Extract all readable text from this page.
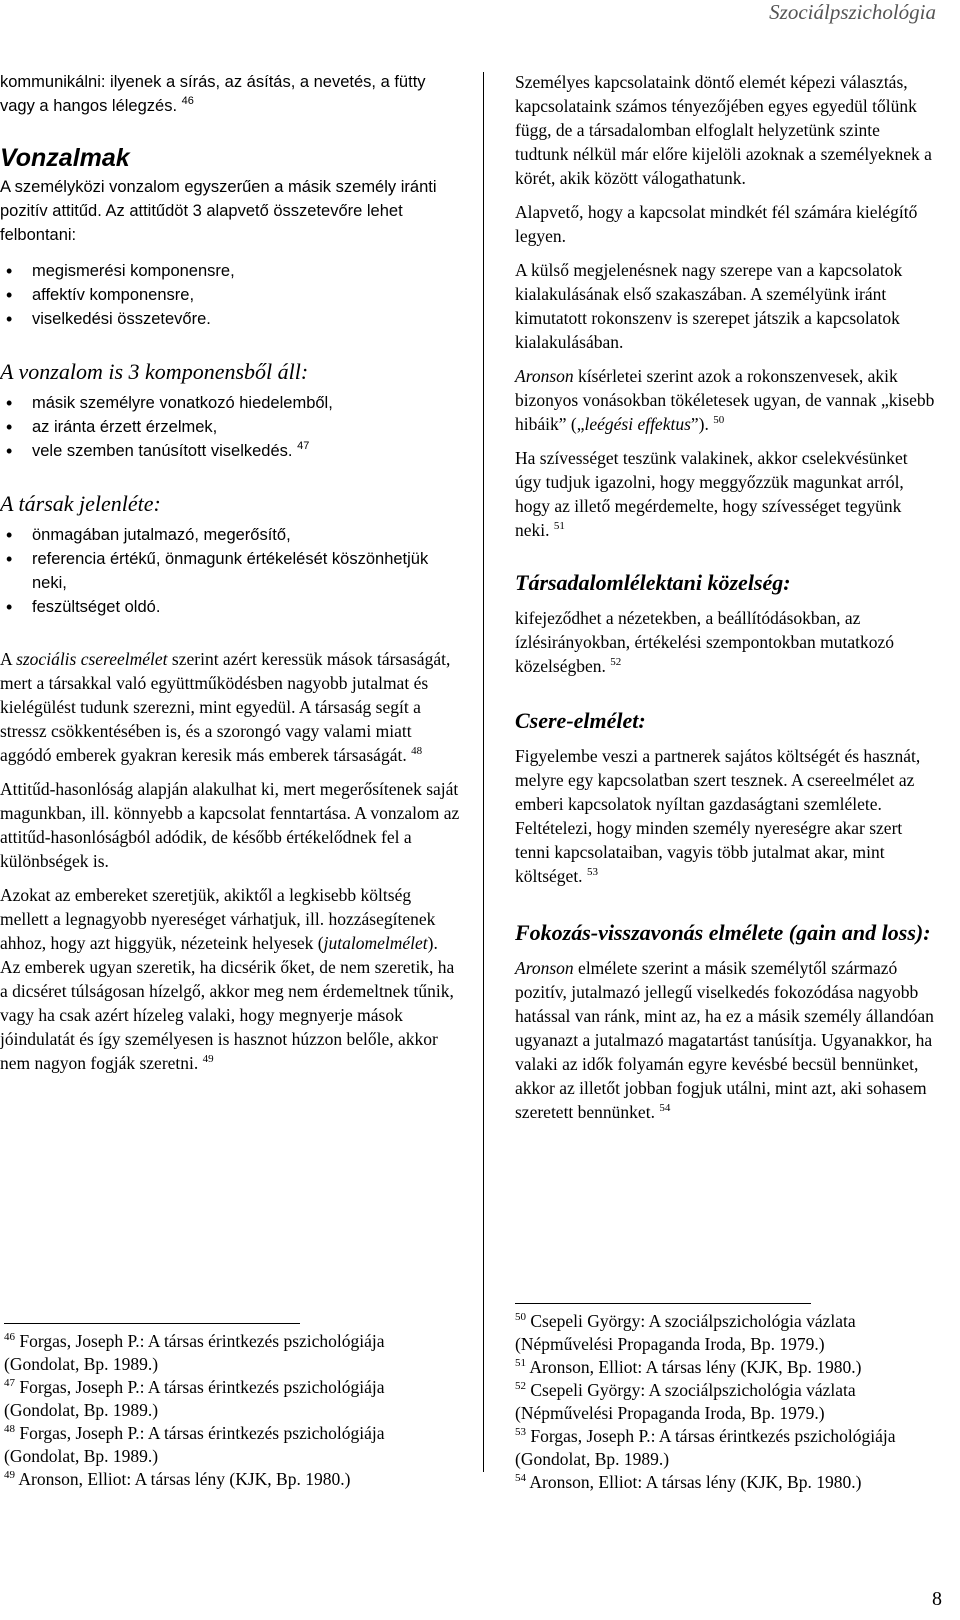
Szociálpszichológia

kommunikálni: ilyenek a sírás, az ásítás, a nevetés, a fütty vagy a hangos lélegzés. $^{46}$

Vonzalmak

A személyközi vonzalom egyszerűen a másik személy iránti pozitív attitűd. Az attitűdöt 3 alapvető összetevőre lehet felbontani:

• megismerési komponensre,
• affektív komponensre,
• viselkedési összetevőre.
A vonzalom is 3 komponensből áll:
• másik személyre vonatkozó hiedelemből,
• az iránta érzett érzelmek,
• vele szemben tanúsított viselkedés. $^{47}$
A társak jelenléte:
• önmagában jutalmazó, megerősítő,
• referencia értékű, önmagunk értékelését köszönhetjük neki,
• feszültséget oldó.

A szociális csereelmélet szerint azért keressük mások társaságát, mert a társakkal való együttműködésben nagyobb jutalmat és kielégülést tudunk szerezni, mint egyedül. A társaság segít a stressz csökkentésében is, és a szorongó vagy valami miatt aggódó emberek gyakran keresik más emberek társaságát. $^{48}$

Attitűd-hasonlóság alapján alakulhat ki, mert megerősítenek saját magunkban, ill. könnyebb a kapcsolat fenntartása. A vonzalom az attitűd-hasonlóságból adódik, de később értékelődnek fel a különbségek is.

Azokat az embereket szeretjük, akiktől a legkisebb költség mellett a legnagyobb nyereséget várhatjuk, ill. hozzásegítenek ahhoz, hogy azt higgyük, nézeteink helyesek (jutalomelmélet). Az emberek ugyan szeretik, ha dicsérik őket, de nem szeretik, ha a dicséret túlságosan hízelgő, akkor meg nem érdemeltnek tűnik, vagy ha csak azért hízeleg valaki, hogy megnyerje mások jóindulatát és így személyesen is hasznot húzzon belőle, akkor nem nagyon fogják szeretni. $^{49}$

Személyes kapcsolataink döntő elemét képezi választás, kapcsolataink számos tényezőjében egyes egyedül tőlünk függ, de a társadalomban elfoglalt helyzetünk szinte tudtunk nélkül már előre kijelöli azoknak a személyeknek a körét, akik között válogathatunk.

Alapvető, hogy a kapcsolat mindkét fél számára kielégítő legyen.

A külső megjelenésnek nagy szerepe van a kapcsolatok kialakulásának első szakaszában. A személyünk iránt kimutatott rokonszenv is szerepet játszik a kapcsolatok kialakulásában.

Aronson kísérletei szerint azok a rokonszenvesek, akik bizonyos vonásokban tökéletesek ugyan, de vannak „kisebb hibáik” („leégési effektus”). $^{50}$

Ha szívességet teszünk valakinek, akkor cselekvésünket úgy tudjuk igazolni, hogy meggyőzzük magunkat arról, hogy az illető megérdemelte, hogy szívességet tegyünk neki. $^{51}$

Társadalomlélektani közelség:

kifejeződhet a nézetekben, a beállítódásokban, az ízlésirányokban, értékelési szempontokban mutatkozó közelségben. $^{52}$

Csere-elmélet:

Figyelembe veszi a partnerek sajátos költségét és hasznát, melyre egy kapcsolatban szert tesznek. A csereelmélet az emberi kapcsolatok nyíltan gazdaságtani szemlélete. Feltételezi, hogy minden személy nyereségre akar szert tenni kapcsolataiban, vagyis több jutalmat akar, mint költséget. $^{53}$

Fokozás-visszavonás elmélete (gain and loss):

Aronson elmélete szerint a másik személytől származó pozitív, jutalmazó jellegű viselkedés fokozódása nagyobb hatással van ránk, mint az, ha ez a másik személy állandóan ugyanazt a jutalmazó magatartást tanúsítja. Ugyanakkor, ha valaki az idők folyamán egyre kevésbé becsül bennünket, akkor az illetőt jobban fogjuk utálni, mint azt, aki sohasem szeretett bennünket. $^{54}$

$^{46}$ Forgas, Joseph P.: A társas érintkezés pszichológiája (Gondolat, Bp. 1989.)
$^{47}$ Forgas, Joseph P.: A társas érintkezés pszichológiája (Gondolat, Bp. 1989.)
$^{48}$ Forgas, Joseph P.: A társas érintkezés pszichológiája (Gondolat, Bp. 1989.)
$^{49}$ Aronson, Elliot: A társas lény (KJK, Bp. 1980.)
$^{50}$ Csepeli György: A szociálpszichológia vázlata (Népművelési Propaganda Iroda, Bp. 1979.)
$^{51}$ Aronson, Elliot: A társas lény (KJK, Bp. 1980.)
$^{52}$ Csepeli György: A szociálpszichológia vázlata (Népművelési Propaganda Iroda, Bp. 1979.)
$^{53}$ Forgas, Joseph P.: A társas érintkezés pszichológiája (Gondolat, Bp. 1989.)
$^{54}$ Aronson, Elliot: A társas lény (KJK, Bp. 1980.)
8
